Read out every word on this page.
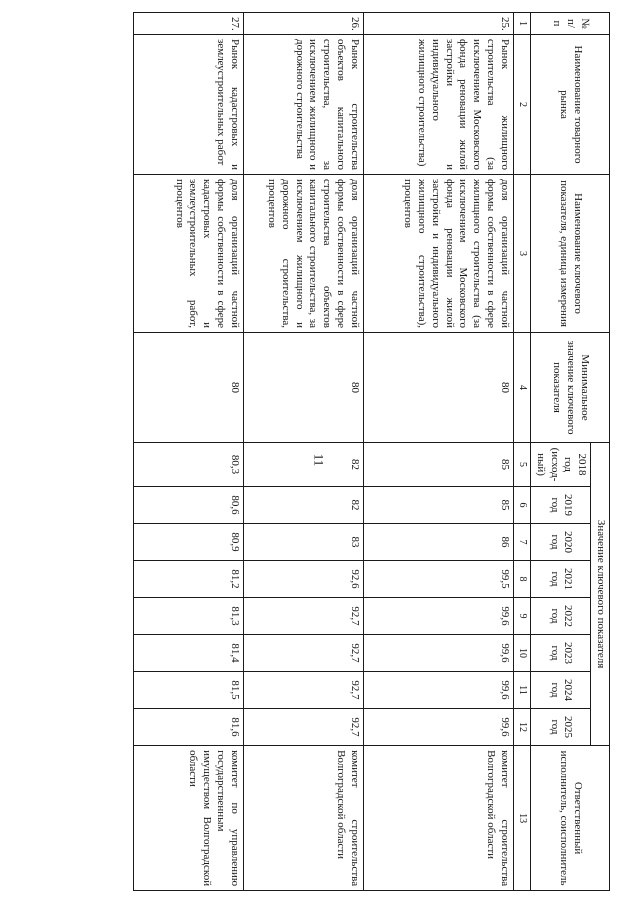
11
№ п/п	Наименование товарного рынка	Наименование ключевого показателя, единица измерения	Минимальное значение ключевого показателя	Значение ключевого показателя								Ответственный исполнитель, соисполнитель
				2018 год (исход-ный)	2019 год	2020 год	2021 год	2022 год	2023 год	2024 год	2025 год	
1	2	3	4	5	6	7	8	9	10	11	12	13
25.	Рынок жилищного строительства (за исключением Московского фонда реновации жилой застройки и индивидуального жилищного строительства)	доля организаций частной формы собственности в сфере жилищного строительства (за исключением Московского фонда реновации жилой застройки и индивидуального жилищного строительства), процентов	80	85	85	86	99,5	99,6	99,6	99,6	99,6	комитет строительства Волгоградской области
26.	Рынок строительства объектов капитального строительства, за исключением жилищного и дорожного строительства	доля организаций частной формы собственности в сфере строительства объектов капитального строительства, за исключением жилищного и дорожного строительства, процентов	80	82	82	83	92,6	92,7	92,7	92,7	92,7	комитет строительства Волгоградской области
27.	Рынок кадастровых и землеустроительных работ	доля организаций частной формы собственности в сфере кадастровых и землеустроительных работ, процентов	80	80,3	80,6	80,9	81,2	81,3	81,4	81,5	81,6	комитет по управлению государственным имуществом Волгоградской области
